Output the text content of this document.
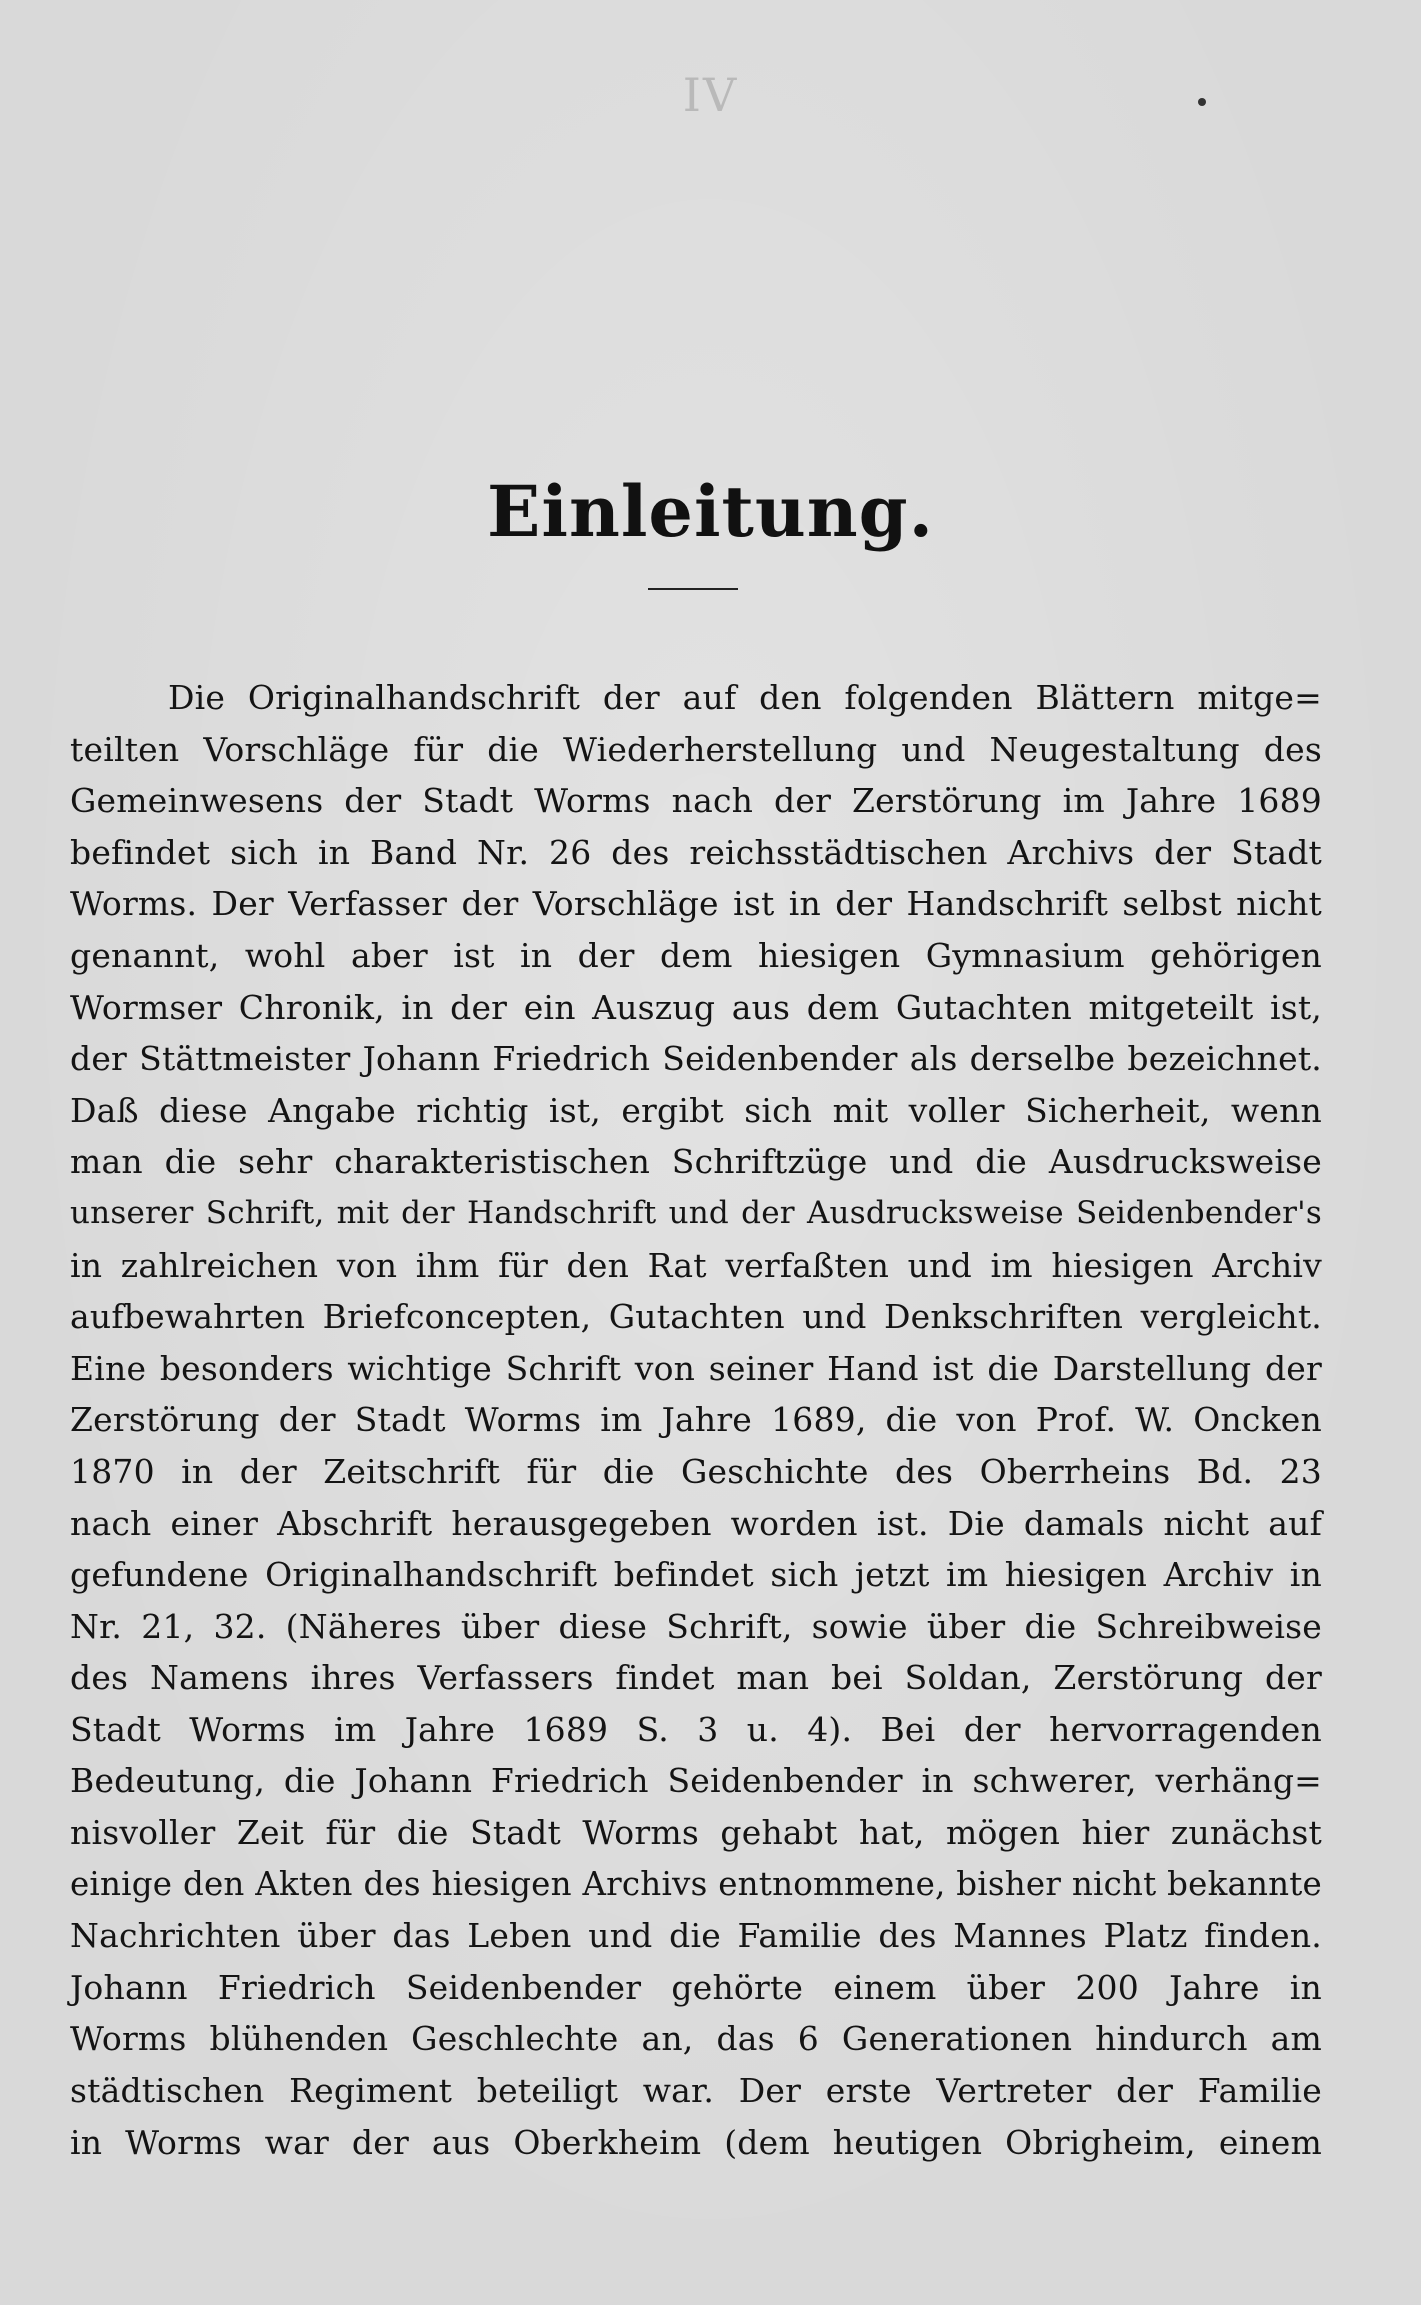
IV
Einleitung.
Die Originalhandschrift der auf den folgenden Blättern mitge=
teilten Vorschläge für die Wiederherstellung und Neugestaltung des
Gemeinwesens der Stadt Worms nach der Zerstörung im Jahre 1689
befindet sich in Band Nr. 26 des reichsstädtischen Archivs der Stadt
Worms. Der Verfasser der Vorschläge ist in der Handschrift selbst nicht
genannt, wohl aber ist in der dem hiesigen Gymnasium gehörigen
Wormser Chronik, in der ein Auszug aus dem Gutachten mitgeteilt ist,
der Stättmeister Johann Friedrich Seidenbender als derselbe bezeichnet.
Daß diese Angabe richtig ist, ergibt sich mit voller Sicherheit, wenn
man die sehr charakteristischen Schriftzüge und die Ausdrucksweise
unserer Schrift, mit der Handschrift und der Ausdrucksweise Seidenbender's
in zahlreichen von ihm für den Rat verfaßten und im hiesigen Archiv
aufbewahrten Briefconcepten, Gutachten und Denkschriften vergleicht.
Eine besonders wichtige Schrift von seiner Hand ist die Darstellung der
Zerstörung der Stadt Worms im Jahre 1689, die von Prof. W. Oncken
1870 in der Zeitschrift für die Geschichte des Oberrheins Bd. 23
nach einer Abschrift herausgegeben worden ist. Die damals nicht auf
gefundene Originalhandschrift befindet sich jetzt im hiesigen Archiv in
Nr. 21, 32. (Näheres über diese Schrift, sowie über die Schreibweise
des Namens ihres Verfassers findet man bei Soldan, Zerstörung der
Stadt Worms im Jahre 1689 S. 3 u. 4). Bei der hervorragenden
Bedeutung, die Johann Friedrich Seidenbender in schwerer, verhäng=
nisvoller Zeit für die Stadt Worms gehabt hat, mögen hier zunächst
einige den Akten des hiesigen Archivs entnommene, bisher nicht bekannte
Nachrichten über das Leben und die Familie des Mannes Platz finden.
Johann Friedrich Seidenbender gehörte einem über 200 Jahre in
Worms blühenden Geschlechte an, das 6 Generationen hindurch am
städtischen Regiment beteiligt war. Der erste Vertreter der Familie
in Worms war der aus Oberkheim (dem heutigen Obrigheim, einem
